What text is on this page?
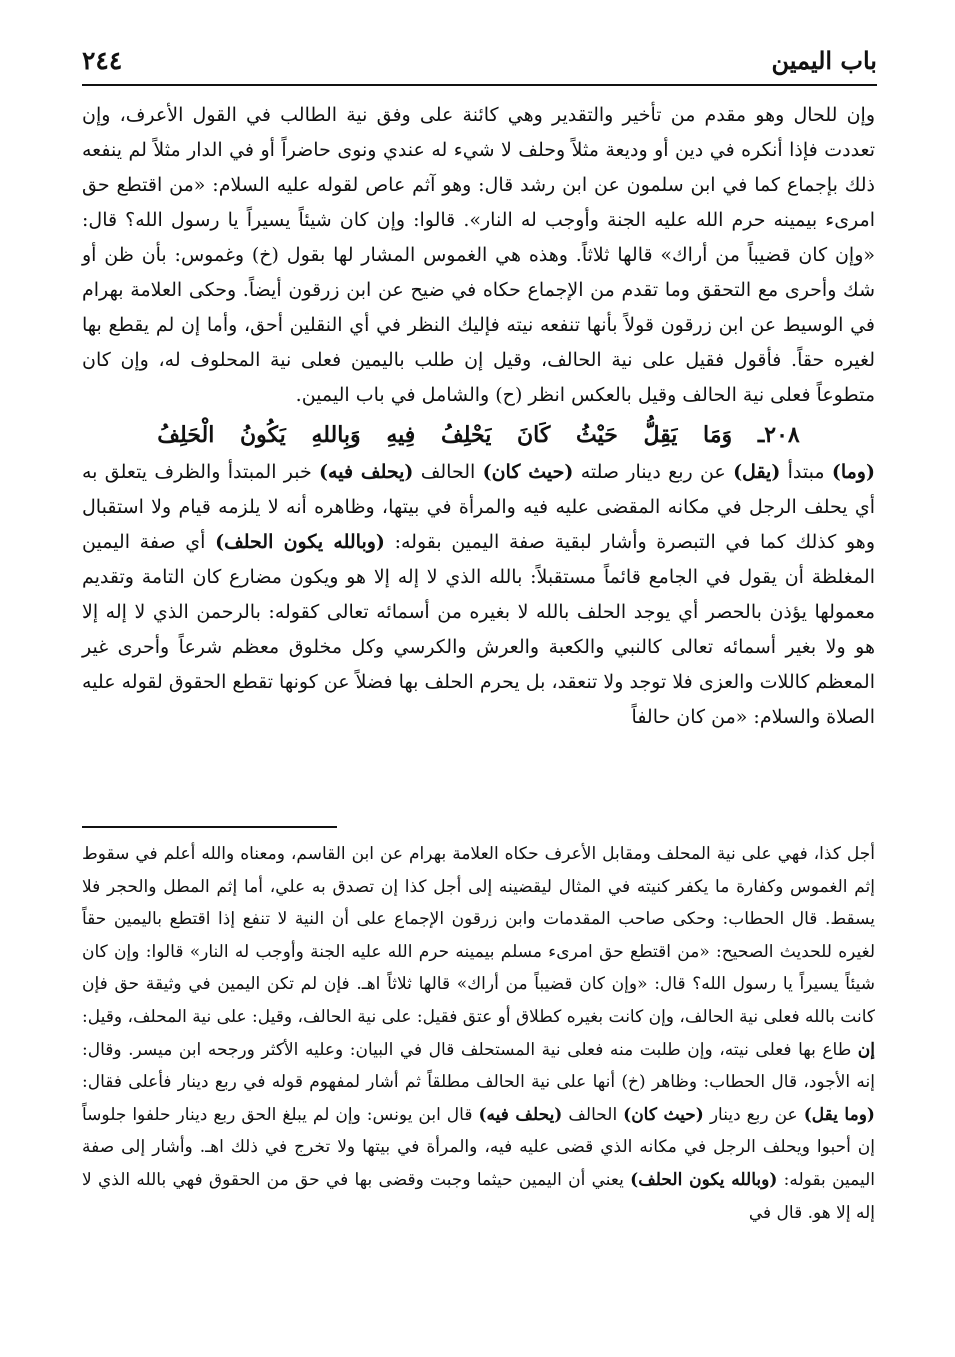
باب اليمين
٢٤٤

وإن للحال وهو مقدم من تأخير والتقدير وهي كائنة على وفق نية الطالب في القول الأعرف، وإن تعددت فإذا أنكره في دين أو وديعة مثلاً وحلف لا شيء له عندي ونوى حاضراً أو في الدار مثلاً لم ينفعه ذلك بإجماع كما في ابن سلمون عن ابن رشد قال: وهو آثم عاص لقوله عليه السلام: «من اقتطع حق امرىء بيمينه حرم الله عليه الجنة وأوجب له النار». قالوا: وإن كان شيئاً يسيراً يا رسول الله؟ قال: «وإن كان قضيباً من أراك» قالها ثلاثاً. وهذه هي الغموس المشار لها بقول (خ) وغموس: بأن ظن أو شك وأحرى مع التحقق وما تقدم من الإجماع حكاه في ضيح عن ابن زرقون أيضاً. وحكى العلامة بهرام في الوسيط عن ابن زرقون قولاً بأنها تنفعه نيته فإليك النظر في أي النقلين أحق، وأما إن لم يقطع بها لغيره حقاً. فأقول فقيل على نية الحالف، وقيل إن طلب باليمين فعلى نية المحلوف له، وإن كان متطوعاً فعلى نية الحالف وقيل بالعكس انظر (ح) والشامل في باب اليمين.

٢٠٨ـ وَمَا يَقِلُّ حَيْثُ كَانَ يَحْلِفُ فِيهِ وَبِاللهِ يَكُونُ الْحَلِفُ

(وما) مبتدأ (يقل) عن ربع دينار صلته (حيث كان) الحالف (يحلف فيه) خبر المبتدأ والظرف يتعلق به أي يحلف الرجل في مكانه المقضى عليه فيه والمرأة في بيتها، وظاهره أنه لا يلزمه قيام ولا استقبال وهو كذلك كما في التبصرة وأشار لبقية صفة اليمين بقوله: (وبالله يكون الحلف) أي صفة اليمين المغلظة أن يقول في الجامع قائماً مستقبلاً: بالله الذي لا إله إلا هو ويكون مضارع كان التامة وتقديم معمولها يؤذن بالحصر أي يوجد الحلف بالله لا بغيره من أسمائه تعالى كقوله: بالرحمن الذي لا إله إلا هو ولا بغير أسمائه تعالى كالنبي والكعبة والعرش والكرسي وكل مخلوق معظم شرعاً وأحرى غير المعظم كاللات والعزى فلا توجد ولا تنعقد، بل يحرم الحلف بها فضلاً عن كونها تقطع الحقوق لقوله عليه الصلاة والسلام: «من كان حالفاً

أجل كذا، فهي على نية المحلف ومقابل الأعرف حكاه العلامة بهرام عن ابن القاسم، ومعناه والله أعلم في سقوط إثم الغموس وكفارة ما يكفر كنيته في المثال ليقضينه إلى أجل كذا إن تصدق به علي، أما إثم المطل والحجر فلا يسقط. قال الحطاب: وحكى صاحب المقدمات وابن زرقون الإجماع على أن النية لا تنفع إذا اقتطع باليمين حقاً لغيره للحديث الصحيح: «من اقتطع حق امرىء مسلم بيمينه حرم الله عليه الجنة وأوجب له النار» قالوا: وإن كان شيئاً يسيراً يا رسول الله؟ قال: «وإن كان قضيباً من أراك» قالها ثلاثاً اهـ. فإن لم تكن اليمين في وثيقة حق فإن كانت بالله فعلى نية الحالف، وإن كانت بغيره كطلاق أو عتق فقيل: على نية الحالف، وقيل: على نية المحلف، وقيل: إن طاع بها فعلى نيته، وإن طلبت منه فعلى نية المستحلف قال في البيان: وعليه الأكثر ورجحه ابن ميسر. وقال: إنه الأجود، قال الحطاب: وظاهر (خ) أنها على نية الحالف مطلقاً ثم أشار لمفهوم قوله في ربع دينار فأعلى فقال: (وما يقل) عن ربع دينار (حيث كان) الحالف (يحلف فيه) قال ابن يونس: وإن لم يبلغ الحق ربع دينار حلفوا جلوساً إن أحبوا ويحلف الرجل في مكانه الذي قضى عليه فيه، والمرأة في بيتها ولا تخرج في ذلك اهـ. وأشار إلى صفة اليمين بقوله: (وبالله يكون الحلف) يعني أن اليمين حيثما وجبت وقضى بها في حق من الحقوق فهي بالله الذي لا إله إلا هو. قال في
